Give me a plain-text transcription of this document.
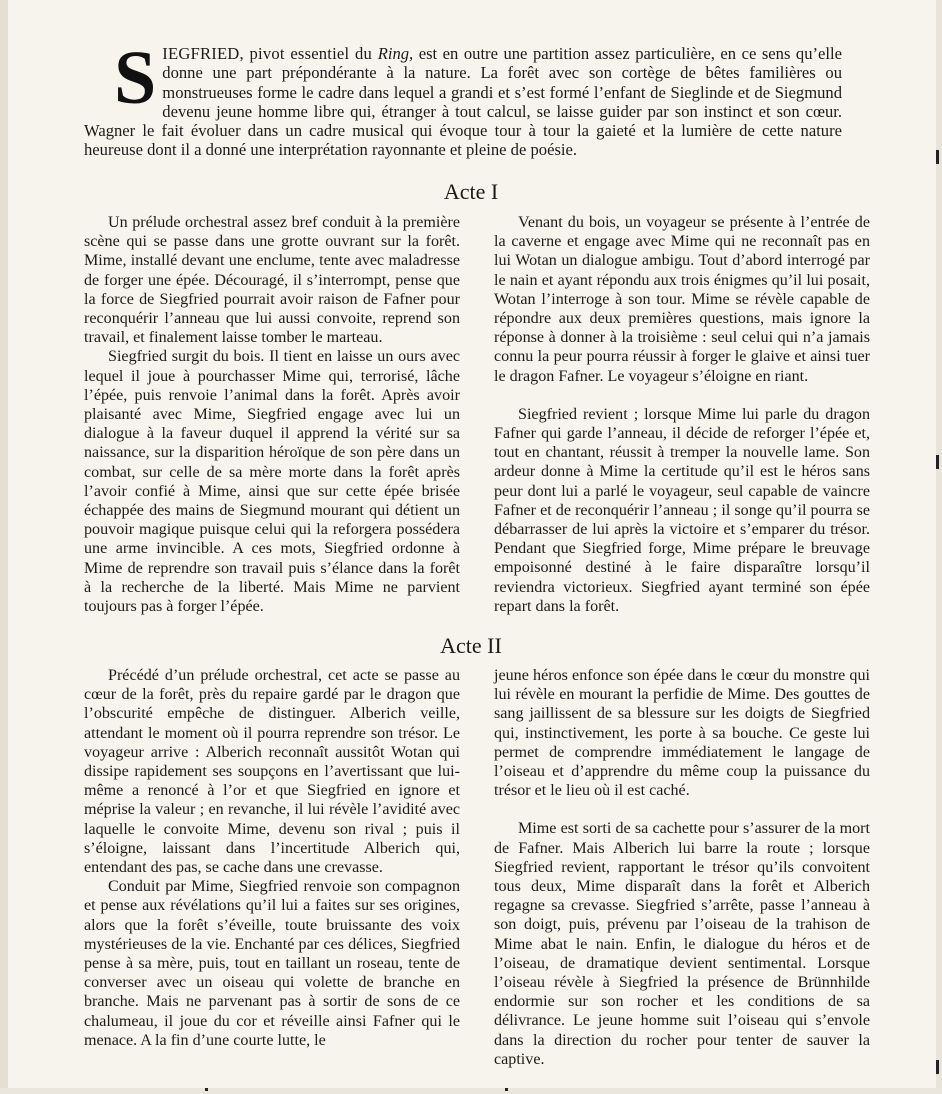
SIEGFRIED, pivot essentiel du Ring, est en outre une partition assez particulière, en ce sens qu’elle donne une part prépondérante à la nature. La forêt avec son cortège de bêtes familières ou monstrueuses forme le cadre dans lequel a grandi et s’est formé l’enfant de Sieglinde et de Siegmund devenu jeune homme libre qui, étranger à tout calcul, se laisse guider par son instinct et son cœur. Wagner le fait évoluer dans un cadre musical qui évoque tour à tour la gaieté et la lumière de cette nature heureuse dont il a donné une interprétation rayonnante et pleine de poésie.
Acte I

Un prélude orchestral assez bref conduit à la première scène qui se passe dans une grotte ouvrant sur la forêt. Mime, installé devant une enclume, tente avec maladresse de forger une épée. Découragé, il s’interrompt, pense que la force de Siegfried pourrait avoir raison de Fafner pour reconquérir l’anneau que lui aussi convoite, reprend son travail, et finalement laisse tomber le marteau.

Siegfried surgit du bois. Il tient en laisse un ours avec lequel il joue à pourchasser Mime qui, terrorisé, lâche l’épée, puis renvoie l’animal dans la forêt. Après avoir plaisanté avec Mime, Siegfried engage avec lui un dialogue à la faveur duquel il apprend la vérité sur sa naissance, sur la disparition héroïque de son père dans un combat, sur celle de sa mère morte dans la forêt après l’avoir confié à Mime, ainsi que sur cette épée brisée échappée des mains de Siegmund mourant qui détient un pouvoir magique puisque celui qui la reforgera possédera une arme invincible. A ces mots, Siegfried ordonne à Mime de reprendre son travail puis s’élance dans la forêt à la recherche de la liberté. Mais Mime ne parvient toujours pas à forger l’épée.

Venant du bois, un voyageur se présente à l’entrée de la caverne et engage avec Mime qui ne reconnaît pas en lui Wotan un dialogue ambigu. Tout d’abord interrogé par le nain et ayant répondu aux trois énigmes qu’il lui posait, Wotan l’interroge à son tour. Mime se révèle capable de répondre aux deux premières questions, mais ignore la réponse à donner à la troisième : seul celui qui n’a jamais connu la peur pourra réussir à forger le glaive et ainsi tuer le dragon Fafner. Le voyageur s’éloigne en riant.

Siegfried revient ; lorsque Mime lui parle du dragon Fafner qui garde l’anneau, il décide de reforger l’épée et, tout en chantant, réussit à tremper la nouvelle lame. Son ardeur donne à Mime la certitude qu’il est le héros sans peur dont lui a parlé le voyageur, seul capable de vaincre Fafner et de reconquérir l’anneau ; il songe qu’il pourra se débarrasser de lui après la victoire et s’emparer du trésor. Pendant que Siegfried forge, Mime prépare le breuvage empoisonné destiné à le faire disparaître lorsqu’il reviendra victorieux. Siegfried ayant terminé son épée repart dans la forêt.

Acte II

Précédé d’un prélude orchestral, cet acte se passe au cœur de la forêt, près du repaire gardé par le dragon que l’obscurité empêche de distinguer. Alberich veille, attendant le moment où il pourra reprendre son trésor. Le voyageur arrive : Alberich reconnaît aussitôt Wotan qui dissipe rapidement ses soupçons en l’avertissant que lui-même a renoncé à l’or et que Siegfried en ignore et méprise la valeur ; en revanche, il lui révèle l’avidité avec laquelle le convoite Mime, devenu son rival ; puis il s’éloigne, laissant dans l’incertitude Alberich qui, entendant des pas, se cache dans une crevasse.

Conduit par Mime, Siegfried renvoie son compagnon et pense aux révélations qu’il lui a faites sur ses origines, alors que la forêt s’éveille, toute bruissante des voix mystérieuses de la vie. Enchanté par ces délices, Siegfried pense à sa mère, puis, tout en taillant un roseau, tente de converser avec un oiseau qui volette de branche en branche. Mais ne parvenant pas à sortir de sons de ce chalumeau, il joue du cor et réveille ainsi Fafner qui le menace. A la fin d’une courte lutte, le

jeune héros enfonce son épée dans le cœur du monstre qui lui révèle en mourant la perfidie de Mime. Des gouttes de sang jaillissent de sa blessure sur les doigts de Siegfried qui, instinctivement, les porte à sa bouche. Ce geste lui permet de comprendre immédiatement le langage de l’oiseau et d’apprendre du même coup la puissance du trésor et le lieu où il est caché.

Mime est sorti de sa cachette pour s’assurer de la mort de Fafner. Mais Alberich lui barre la route ; lorsque Siegfried revient, rapportant le trésor qu’ils convoitent tous deux, Mime disparaît dans la forêt et Alberich regagne sa crevasse. Siegfried s’arrête, passe l’anneau à son doigt, puis, prévenu par l’oiseau de la trahison de Mime abat le nain. Enfin, le dialogue du héros et de l’oiseau, de dramatique devient sentimental. Lorsque l’oiseau révèle à Siegfried la présence de Brünnhilde endormie sur son rocher et les conditions de sa délivrance. Le jeune homme suit l’oiseau qui s’envole dans la direction du rocher pour tenter de sauver la captive.
